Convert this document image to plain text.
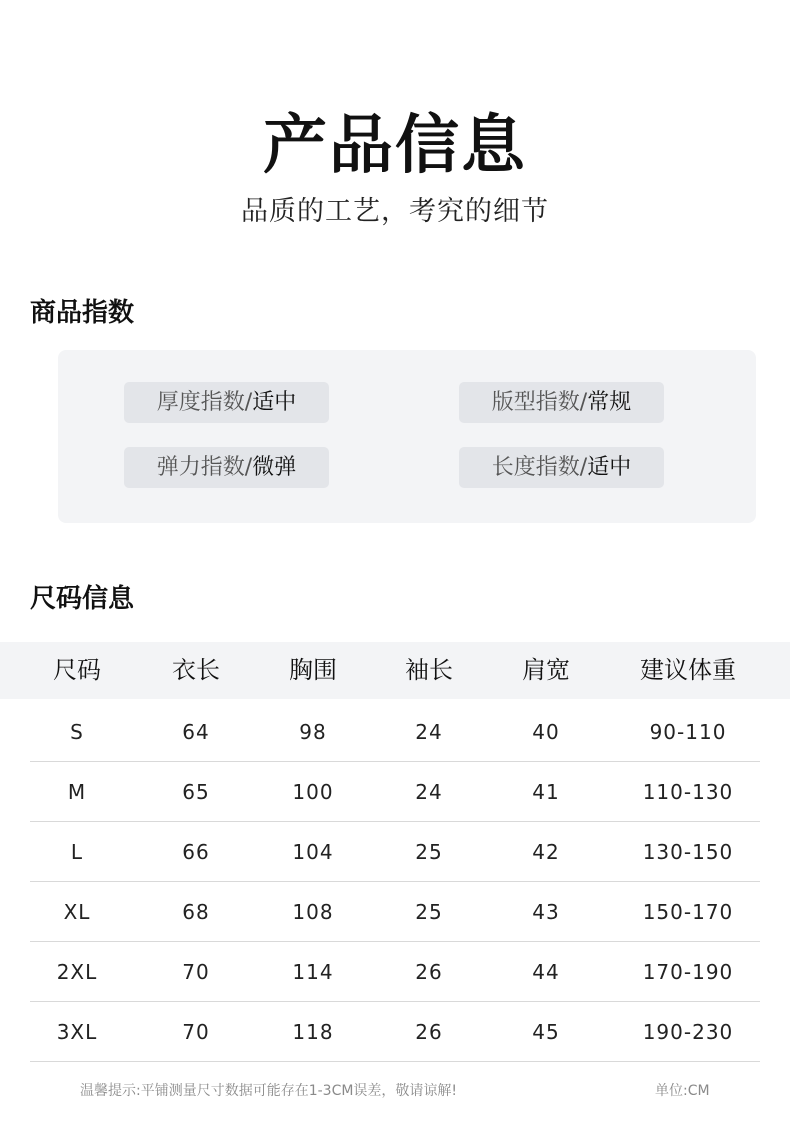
产品信息
品质的工艺，考究的细节
商品指数
厚度指数/适中	版型指数/常规
弹力指数/微弹	长度指数/适中
尺码信息
尺码	衣长	胸围	袖长	肩宽	建议体重
S	64	98	24	40	90-110
M	65	100	24	41	110-130
L	66	104	25	42	130-150
XL	68	108	25	43	150-170
2XL	70	114	26	44	170-190
3XL	70	118	26	45	190-230
温馨提示:平铺测量尺寸数据可能存在1-3CM误差，敬请谅解!	单位:CM
